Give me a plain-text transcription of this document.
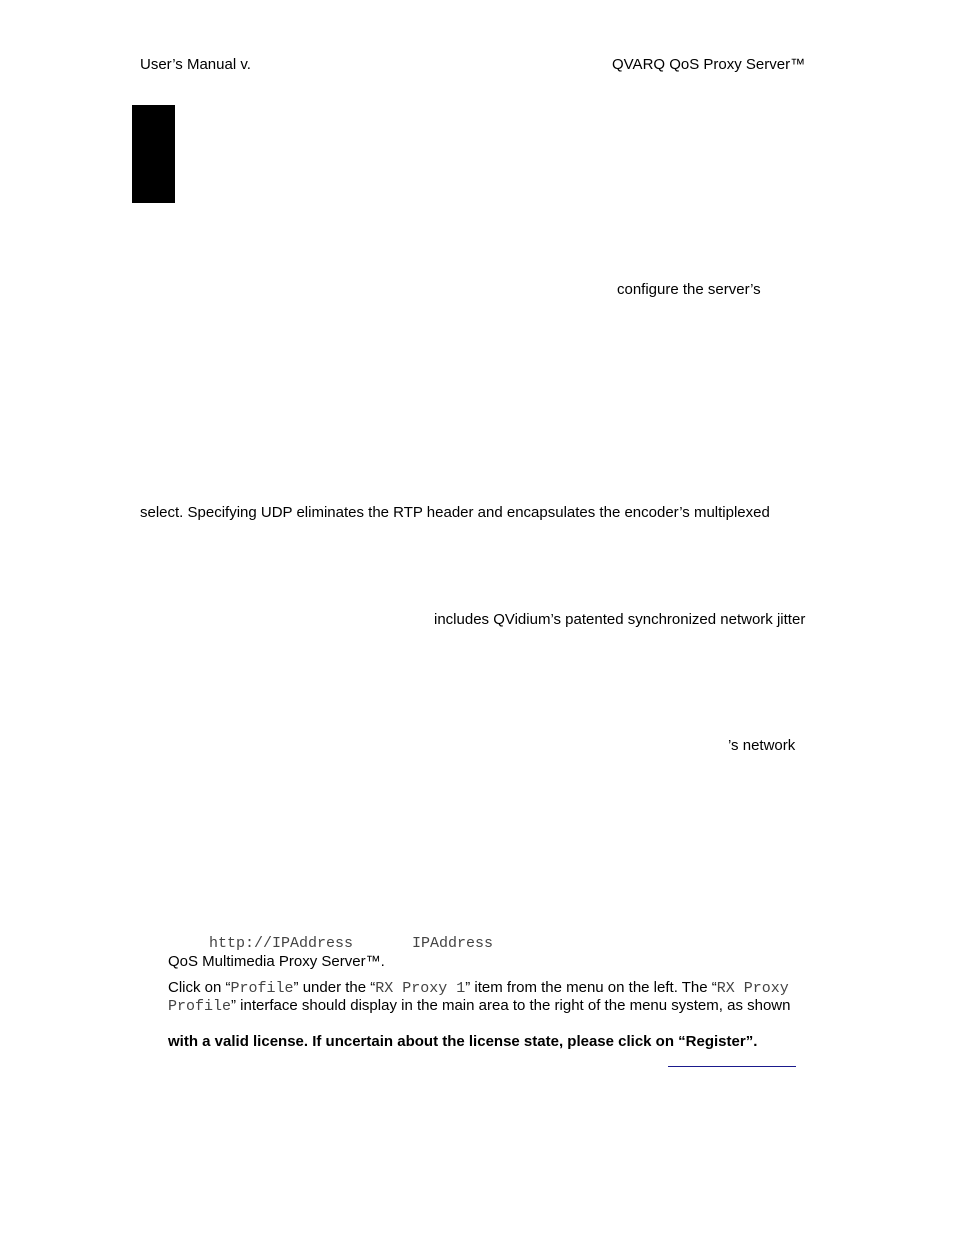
User’s Manual v.	QVARQ QoS Proxy Server™
configure the server’s
select. Specifying UDP eliminates the RTP header and encapsulates the encoder’s multiplexed
includes QVidium’s patented synchronized network jitter
’s network
http://IPAddress	IPAddress
QoS Multimedia Proxy Server™.
Click on “Profile” under the “RX Proxy 1” item from the menu on the left. The “RX Proxy
Profile” interface should display in the main area to the right of the menu system, as shown
with a valid license. If uncertain about the license state, please click on “Register”.
